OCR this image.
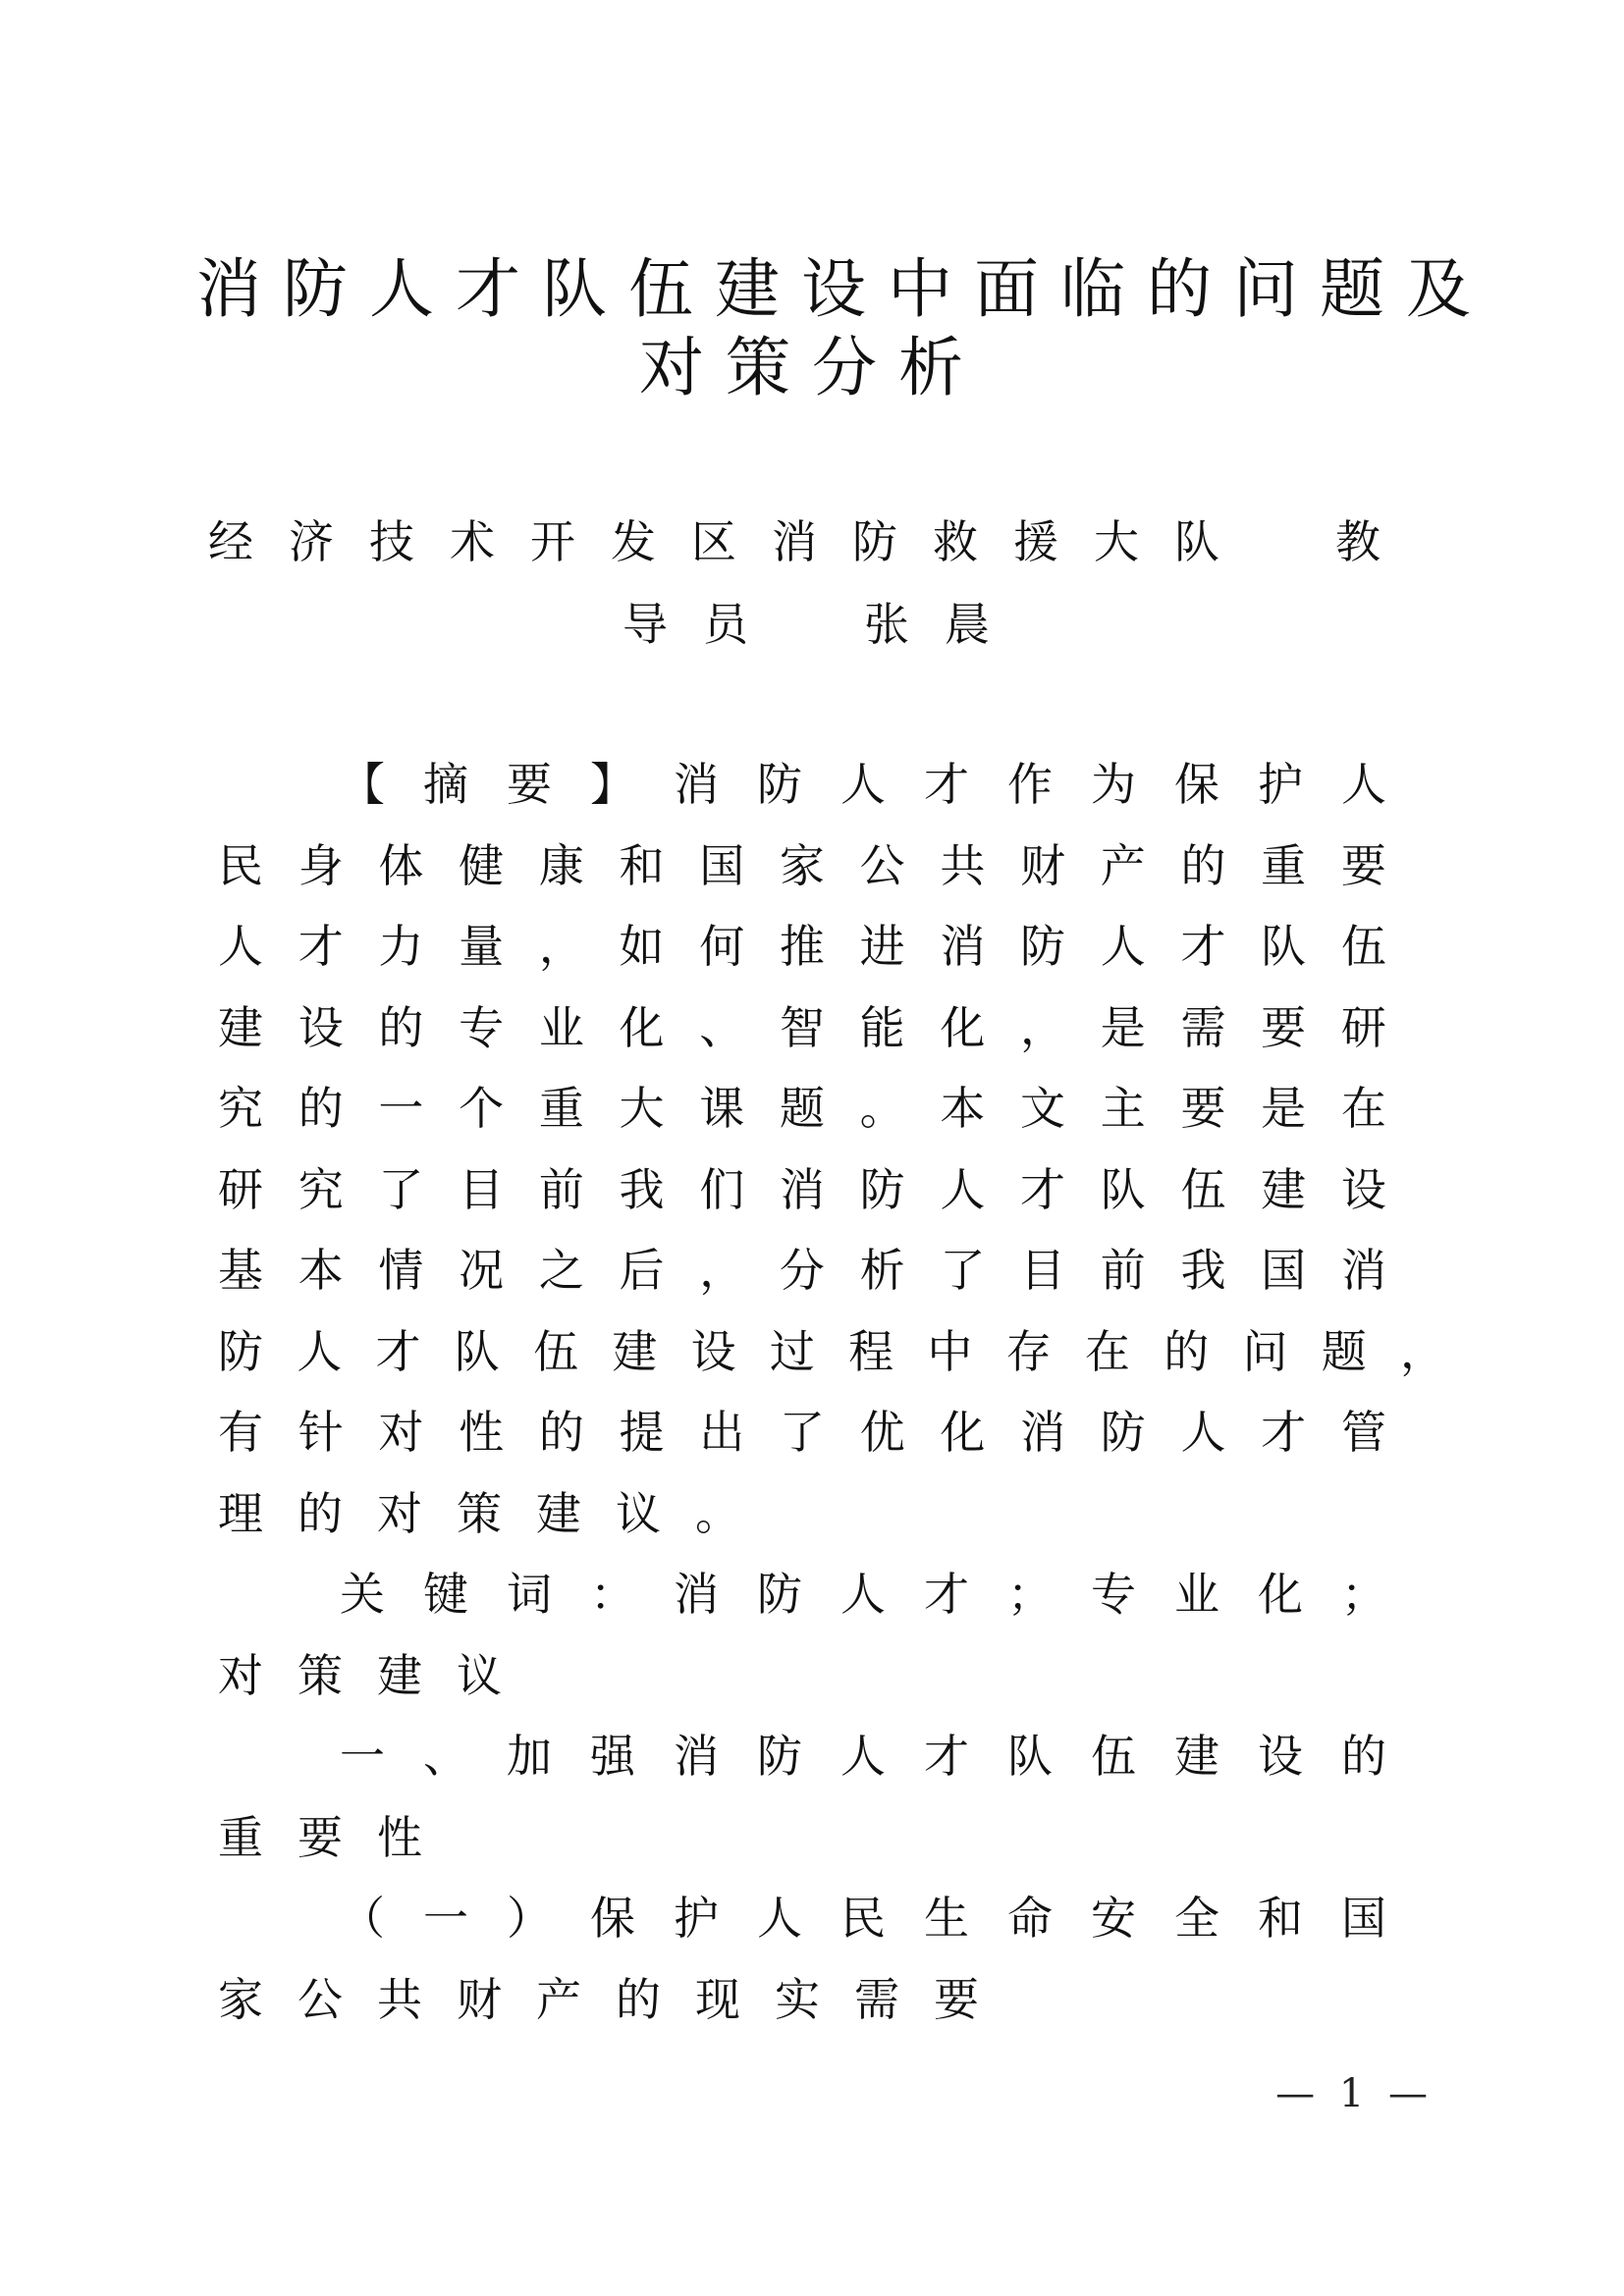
消防人才队伍建设中面临的问题及
对策分析
经济技术开发区消防救援大队　教
导员　张晨
【 摘 要 】 消 防 人 才 作 为 保 护 人
民 身 体 健 康 和 国 家 公 共 财 产 的 重 要
人 才 力 量 ， 如 何 推 进 消 防 人 才 队 伍
建 设 的 专 业 化 、 智 能 化 ， 是 需 要 研
究 的 一 个 重 大 课 题 。 本 文 主 要 是 在
研 究 了 目 前 我 们 消 防 人 才 队 伍 建 设
基 本 情 况 之 后 ， 分 析 了 目 前 我 国 消
防 人 才 队 伍 建 设 过 程 中 存 在 的 问 题 ，
有 针 对 性 的 提 出 了 优 化 消 防 人 才 管
理的对策建议。
关 键 词 ： 消 防 人 才 ； 专 业 化 ；
对策建议
一 、 加 强 消 防 人 才 队 伍 建 设 的
重要性
（ 一 ） 保 护 人 民 生 命 安 全 和 国
家公共财产的现实需要
— 1 —
